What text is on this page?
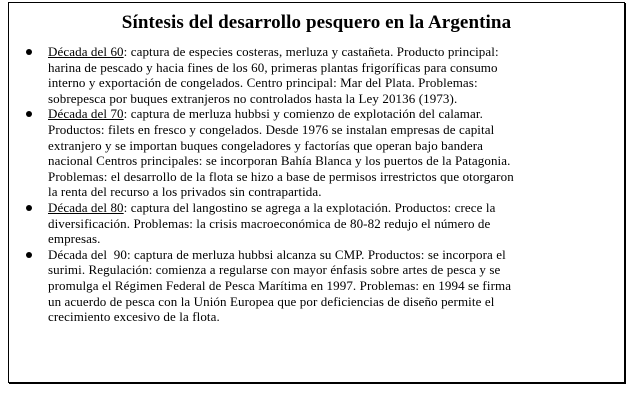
Síntesis del desarrollo pesquero en la Argentina
Década del 60: captura de especies costeras, merluza y castañeta. Producto principal:
harina de pescado y hacia fines de los 60, primeras plantas frigoríficas para consumo
interno y exportación de congelados. Centro principal: Mar del Plata. Problemas:
sobrepesca por buques extranjeros no controlados hasta la Ley 20136 (1973).
Década del 70: captura de merluza hubbsi y comienzo de explotación del calamar.
Productos: filets en fresco y congelados. Desde 1976 se instalan empresas de capital
extranjero y se importan buques congeladores y factorías que operan bajo bandera
nacional Centros principales: se incorporan Bahía Blanca y los puertos de la Patagonia.
Problemas: el desarrollo de la flota se hizo a base de permisos irrestrictos que otorgaron
la renta del recurso a los privados sin contrapartida.
Década del 80: captura del langostino se agrega a la explotación. Productos: crece la
diversificación. Problemas: la crisis macroeconómica de 80-82 redujo el número de
empresas.
Década del  90: captura de merluza hubbsi alcanza su CMP. Productos: se incorpora el
surimi. Regulación: comienza a regularse con mayor énfasis sobre artes de pesca y se
promulga el Régimen Federal de Pesca Marítima en 1997. Problemas: en 1994 se firma
un acuerdo de pesca con la Unión Europea que por deficiencias de diseño permite el
crecimiento excesivo de la flota.
